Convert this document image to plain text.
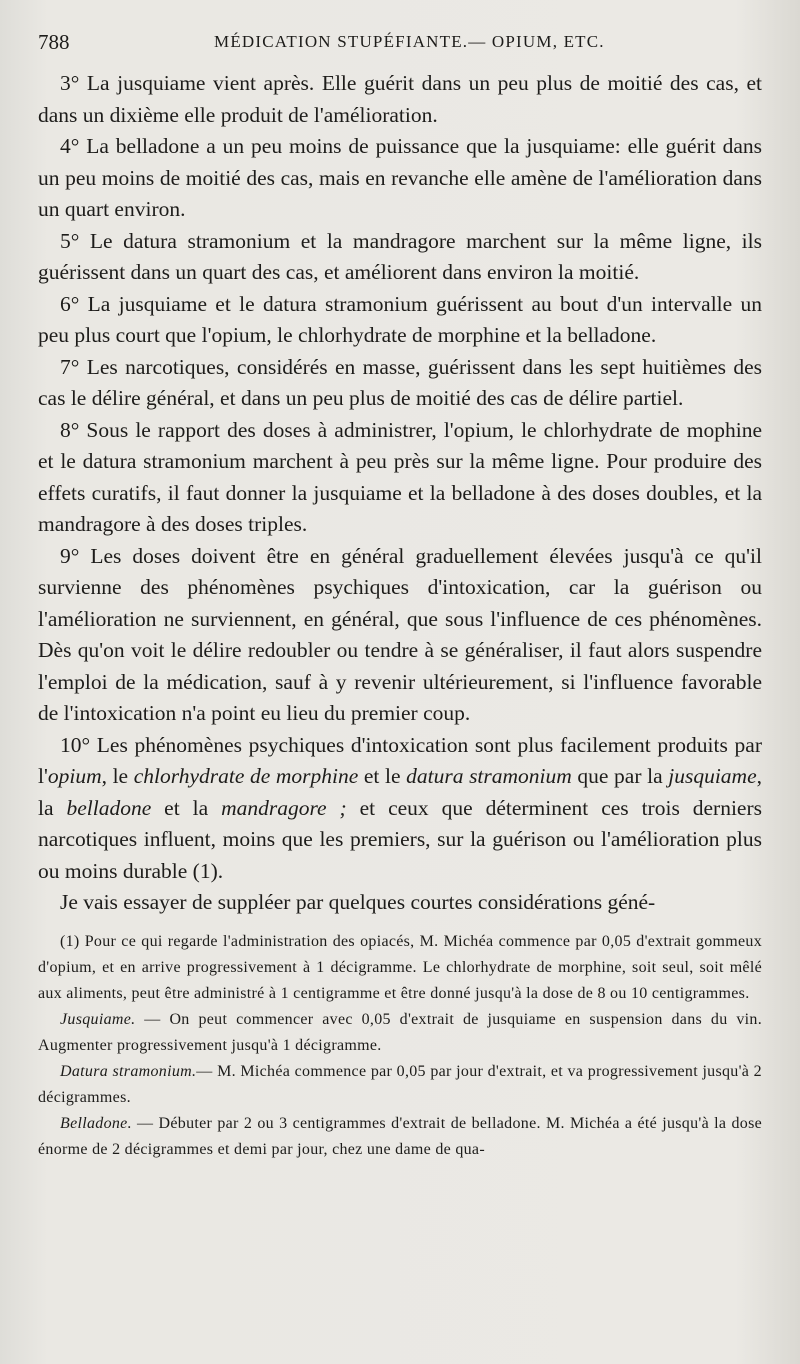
788	MÉDICATION STUPÉFIANTE.— OPIUM, ETC.

3° La jusquiame vient après. Elle guérit dans un peu plus de moitié des cas, et dans un dixième elle produit de l'amélioration.

4° La belladone a un peu moins de puissance que la jusquiame: elle guérit dans un peu moins de moitié des cas, mais en revanche elle amène de l'amélioration dans un quart environ.

5° Le datura stramonium et la mandragore marchent sur la même ligne, ils guérissent dans un quart des cas, et améliorent dans environ la moitié.

6° La jusquiame et le datura stramonium guérissent au bout d'un intervalle un peu plus court que l'opium, le chlorhydrate de morphine et la belladone.

7° Les narcotiques, considérés en masse, guérissent dans les sept huitièmes des cas le délire général, et dans un peu plus de moitié des cas de délire partiel.

8° Sous le rapport des doses à administrer, l'opium, le chlorhydrate de mophine et le datura stramonium marchent à peu près sur la même ligne. Pour produire des effets curatifs, il faut donner la jusquiame et la belladone à des doses doubles, et la mandragore à des doses triples.

9° Les doses doivent être en général graduellement élevées jusqu'à ce qu'il survienne des phénomènes psychiques d'intoxication, car la guérison ou l'amélioration ne surviennent, en général, que sous l'influence de ces phénomènes. Dès qu'on voit le délire redoubler ou tendre à se généraliser, il faut alors suspendre l'emploi de la médication, sauf à y revenir ultérieurement, si l'influence favorable de l'intoxication n'a point eu lieu du premier coup.

10° Les phénomènes psychiques d'intoxication sont plus facilement produits par l'opium, le chlorhydrate de morphine et le datura stramonium que par la jusquiame, la belladone et la mandragore ; et ceux que déterminent ces trois derniers narcotiques influent, moins que les premiers, sur la guérison ou l'amélioration plus ou moins durable (1).

Je vais essayer de suppléer par quelques courtes considérations géné-

(1) Pour ce qui regarde l'administration des opiacés, M. Michéa commence par 0,05 d'extrait gommeux d'opium, et en arrive progressivement à 1 décigramme. Le chlorhydrate de morphine, soit seul, soit mêlé aux aliments, peut être administré à 1 centigramme et être donné jusqu'à la dose de 8 ou 10 centigrammes.

Jusquiame. — On peut commencer avec 0,05 d'extrait de jusquiame en suspension dans du vin. Augmenter progressivement jusqu'à 1 décigramme.

Datura stramonium.— M. Michéa commence par 0,05 par jour d'extrait, et va progressivement jusqu'à 2 décigrammes.

Belladone. — Débuter par 2 ou 3 centigrammes d'extrait de belladone. M. Michéa a été jusqu'à la dose énorme de 2 décigrammes et demi par jour, chez une dame de qua-
